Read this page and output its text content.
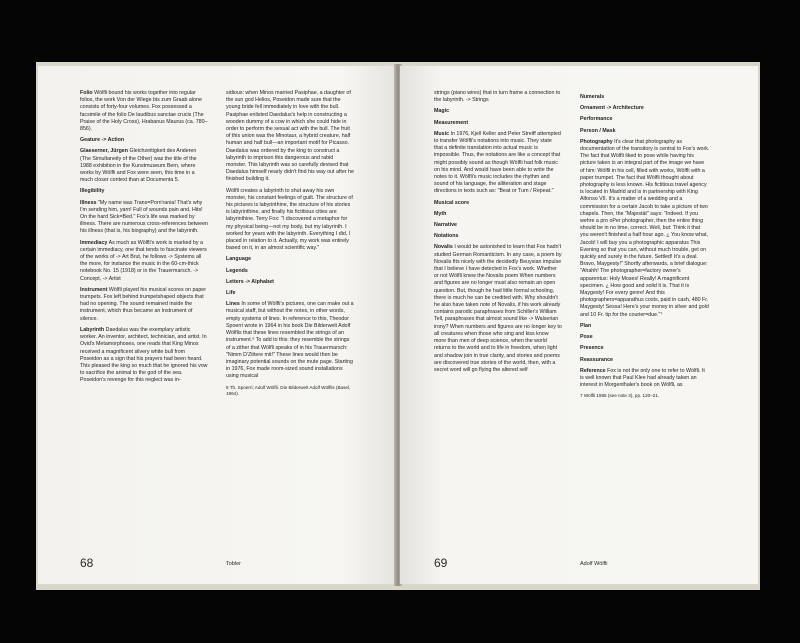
Folio Wölfli bound his works together into regular folios, the work Von der Wiege bis zum Graab alone consists of forty-four volumes. Fox possessed a facsimile of the folio De laudibus sanctae crucis (The Praise of the Holy Cross), Hrabanus Maurus (ca. 780–856).

Geature -> Action

Glaeserner, Jürgen Gleichzeitigkeit des Anderen (The Simultaneity of the Other) was the title of the 1988 exhibition in the Kunstmuseum Bern, where works by Wölfli and Fox were seen, this time in a much closer context than at Documenta 5.

Illegibility

Illness "My name was Trans=Porn'rania! That's why I'm sending him, yarn! Full of wounds pain and, Hits! On the hard Sick=Bed." Fox's life was marked by illness. There are numerous cross-references between his illness (that is, his biography) and the labyrinth.

Immediacy As much as Wölfli's work is marked by a certain immediacy, one that tends to fascinate viewers of the works of -> Art Brut, he follows -> Systems all the more, for instance the music in the 60-cm-thick notebook No. 15 (1918) or in the Trauermarsch. -> Concept, -> Artist

Instrument Wölfli played his musical scores on paper trumpets. Fox left behind trumpetshaped objects that had no opening. The sound remained inside the instrument, which thus became an instrument of silence.

Labyrinth Daedalus was the exemplary artistic worker. An inventor, architect, technician, and artist. In Ovid's Metamorphoses, one reads that King Minos received a magnificent silvery white bull from Poseidon as a sign that his prayers had been heard. This pleased the king so much that he ignored his vow to sacrifice the animal to the god of the sea. Poseidon's revenge for this neglect was in-

sidious: when Minos married Pasiphae, a daughter of the sun god Helios, Poseidon made sure that the young bride fell immediately in love with the bull. Pasiphae enlisted Daedalus's help in constructing a wooden dummy of a cow in which she could hide in order to perform the sexual act with the bull. The fruit of this union was the Minotaur, a hybrid creature, half human and half bull—an important motif for Picasso. Daedalus was ordered by the king to construct a labyrinth to imprison this dangerous and rabid monster. This labyrinth was so carefully devised that Daedalus himself nearly didn't find his way out after he finished building it.

Wölfli creates a labyrinth to shut away his own monster, his constant feelings of guilt. The structure of his pictures is labyrinthine, the structure of his stories is labyrinthine, and finally his fictitious cities are labyrinthine. Terry Fox: "I discovered a metaphor for my physical being—not my body, but my labyrinth. I worked for years with the labyrinth. Everything I did, I placed in relation to it. Actually, my work was entirely based on it, in an almost scientific way."

Language

Legends

Letters -> Alphabet

Life

Lines In some of Wölfli's pictures, one can make out a musical staff, but without the notes, in other words, empty systems of lines. In reference to this, Theodor Spoerri wrote in 1964 in his book Die Bilderwelt Adolf Wölflis that these lines resembled the strings of an instrument.⁶ To add to this: they resemble the strings of a zither that Wölfli speaks of in his Trauermarsch: "Nimm D'Zittere mit!" These lines would then be imaginary potential sounds on the mute page. Starting in 1976, Fox made room-sized sound installations using musical

6 Th. Spoerri; Adolf Wölfli. Die Bilderwelt Adolf Wölflis (Basel, 1964).

68	Tobler

strings (piano wires) that in turn frame a connection to the labyrinth. -> Strings

Magic

Measurement

Music In 1976, Kjell Keller and Peter Streiff attempted to transfer Wölfli's notations into music. They state that a definite translation into actual music is impossible. Thus, the notations are like a concept that might possibly sound as though Wölfli had folk music on his mind. And would have been able to write the notes to it. Wölfli's music includes the rhythm and sound of his language, the alliteration and stage directions in texts such as: "Beat or Turn / Repeat."

Musical score

Myth

Narrative

Notations

Novalis I would be astonished to learn that Fox hadn't studied German Romanticism. In any case, a poem by Novalis fits nicely with the decidedly Beuysian impulse that I believe I have detected in Fox's work. Whether or not Wölfli knew the Novalis poem When numbers and figures are no longer must also remain an open question. But, though he had little formal schooling, there is much he can be credited with. Why shouldn't he also have taken note of Novalis, if his work already contains parodic paraphrases from Schiller's William Tell, paraphrases that almost sound like -> Walserian irony? When numbers and figures are no longer key to all creatures when those who sing and kiss know more than men of deep science, when the world returns to the world and to life in freedom, when light and shadow join in true clarity, and stories and poems are discovered true stories of the world, then, with a secret word will go flying the altered self

Numerals

Ornament -> Architecture

Performance

Person / Mask

Photography It's clear that photography as documentation of the transitory is central to Fox's work. The fact that Wölfli liked to pose while having his picture taken is an integral part of the image we have of him: Wölfli in his cell, filled with works, Wölfli with a paper trumpet. The fact that Wölfli thought about photography is less known. His fictitious travel agency is located in Madrid and is in partnership with King Alfonso VII. It's a matter of a wedding and a commission for a certain Jacob to take a picture of two chapels. Then, the "Majestät" says: "Indeed. If you wehre a pro oPer photographer, then the entire thing should be in no time, correct. Well, but: Think it that you weren't finished a half hour ago. ¿ You know what, Jacob! I will buy you a photographic apparatus This Evening so that you can, without much trouble, get on quickly and surely in the future. Settled! It's a deal. Bravo, Maygesty!" Shortly afterwards, a brief dialogue: "Ahahh! The photographer=factory owner's apparentus: Holy Moses! Really! A magnificent specimen. ¿ How good and solid it is. That it is Maygesty! For every genre! And this photographers=apparathus costs, paid in cash, 480 Fr. Maygesty! Sessa! Here's your money in silver and gold and 10 Fr. tip for the courier=due."⁷

Plan

Pose

Presence

Reassurance

Reference Fox is not the only one to refer to Wölfli. It is well known that Paul Klee had already taken an interest in Morgenthaler's book on Wölfli, as

7 Wölfli 1985 (see note 3), pp. 120–21.

69	Adolf Wölfli
